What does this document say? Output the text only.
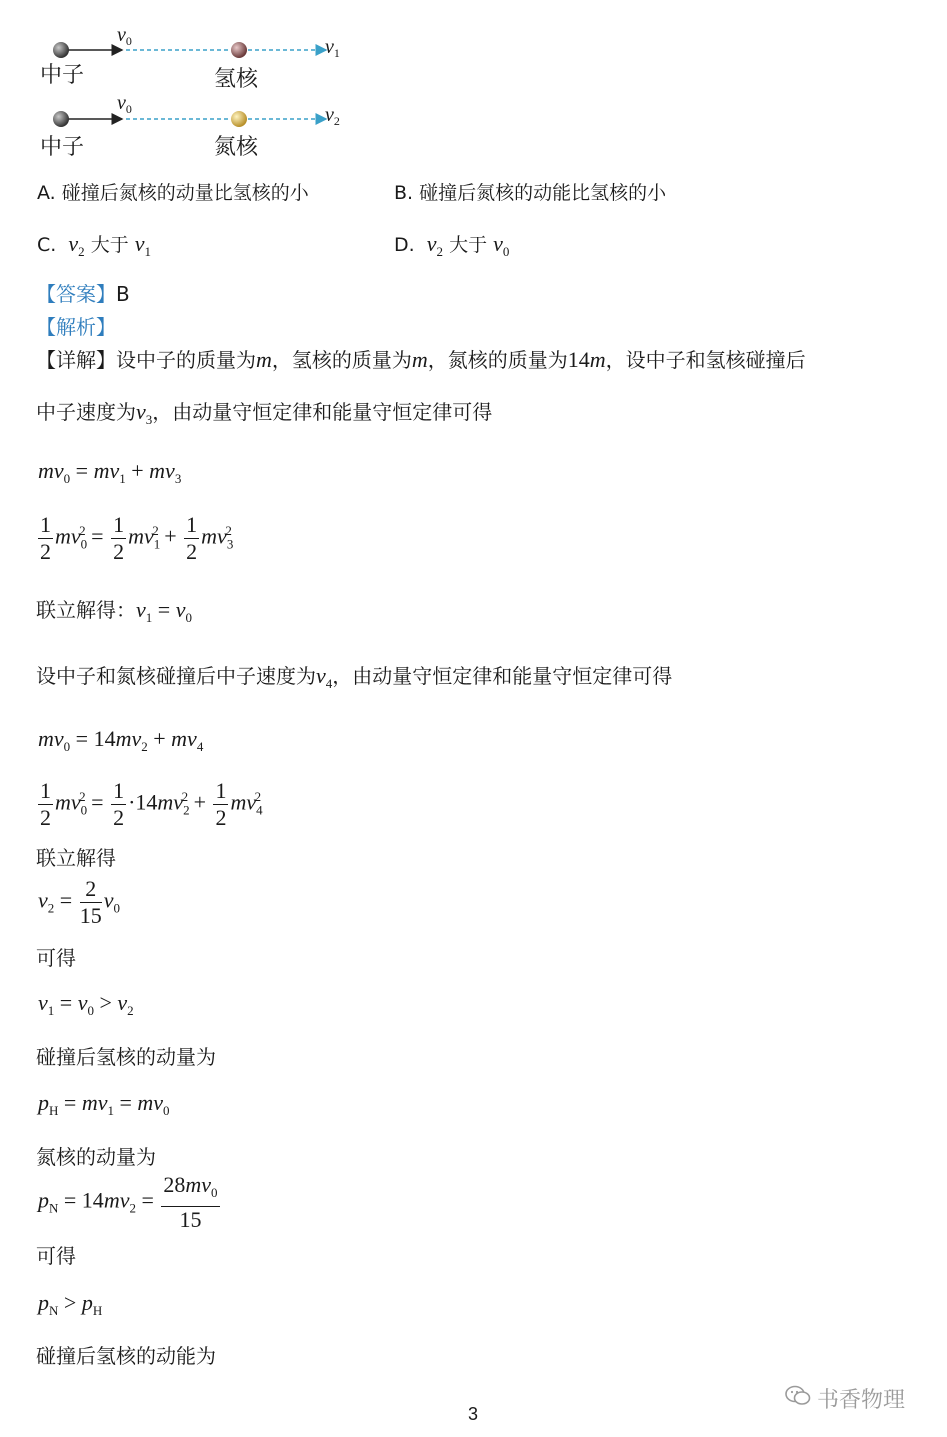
中子	氢核
$v_0$	$v_1$
中子	氮核
$v_0$	$v_2$
A. 碰撞后氮核的动量比氢核的小	B. 碰撞后氮核的动能比氢核的小
C. $v_2$ 大于 $v_1$	D. $v_2$ 大于 $v_0$
【答案】B
【解析】
【详解】设中子的质量为m，氢核的质量为m，氮核的质量为14m，设中子和氢核碰撞后
中子速度为$v_3$，由动量守恒定律和能量守恒定律可得
$mv_0 = mv_1 + mv_3$
$\frac{1}{2} mv_0^2 = \frac{1}{2} mv_1^2 + \frac{1}{2} mv_3^2$
联立解得：$v_1 = v_0$
设中子和氮核碰撞后中子速度为$v_4$，由动量守恒定律和能量守恒定律可得
$mv_0 = 14mv_2 + mv_4$
$\frac{1}{2} mv_0^2 = \frac{1}{2} \cdot 14mv_2^2 + \frac{1}{2} mv_4^2$
联立解得
$v_2 = \frac{2}{15} v_0$
可得
$v_1 = v_0 > v_2$
碰撞后氢核的动量为
$p_H = mv_1 = mv_0$
氮核的动量为
$p_N = 14mv_2 = \frac{28mv_0}{15}$
可得
$p_N > p_H$
碰撞后氢核的动能为
书香物理
3
